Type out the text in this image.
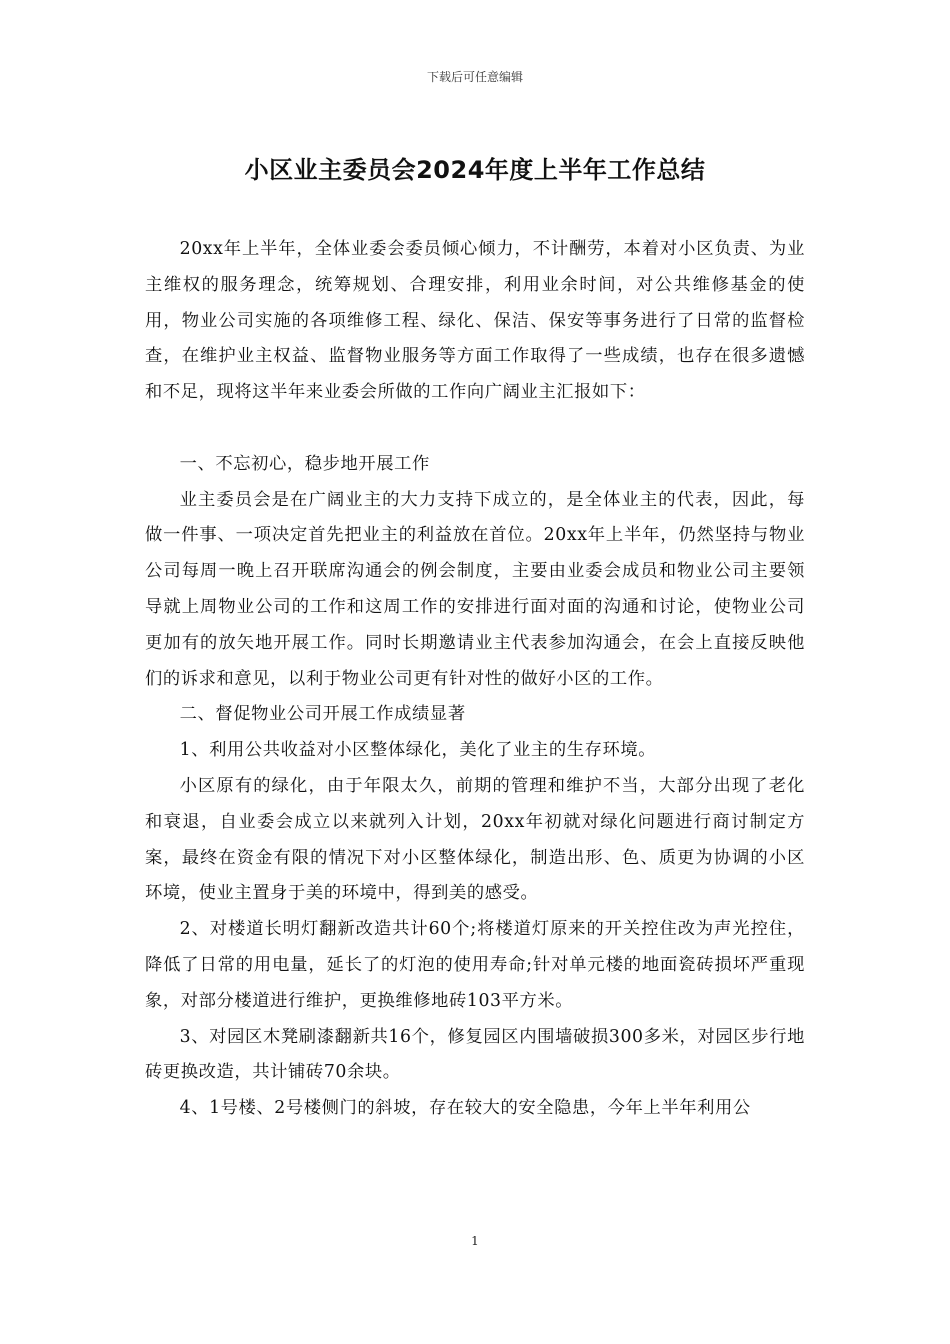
下载后可任意编辑
小区业主委员会2024年度上半年工作总结

20xx年上半年，全体业委会委员倾心倾力，不计酬劳，本着对小区负责、为业主维权的服务理念，统筹规划、合理安排，利用业余时间，对公共维修基金的使用，物业公司实施的各项维修工程、绿化、保洁、保安等事务进行了日常的监督检查，在维护业主权益、监督物业服务等方面工作取得了一些成绩，也存在很多遗憾和不足，现将这半年来业委会所做的工作向广阔业主汇报如下：

一、不忘初心，稳步地开展工作

业主委员会是在广阔业主的大力支持下成立的，是全体业主的代表，因此，每做一件事、一项决定首先把业主的利益放在首位。20xx年上半年，仍然坚持与物业公司每周一晚上召开联席沟通会的例会制度，主要由业委会成员和物业公司主要领导就上周物业公司的工作和这周工作的安排进行面对面的沟通和讨论，使物业公司更加有的放矢地开展工作。同时长期邀请业主代表参加沟通会，在会上直接反映他们的诉求和意见，以利于物业公司更有针对性的做好小区的工作。

二、督促物业公司开展工作成绩显著

1、利用公共收益对小区整体绿化，美化了业主的生存环境。

小区原有的绿化，由于年限太久，前期的管理和维护不当，大部分出现了老化和衰退，自业委会成立以来就列入计划，20xx年初就对绿化问题进行商讨制定方案，最终在资金有限的情况下对小区整体绿化，制造出形、色、质更为协调的小区环境，使业主置身于美的环境中，得到美的感受。

2、对楼道长明灯翻新改造共计60个;将楼道灯原来的开关控住改为声光控住，降低了日常的用电量，延长了的灯泡的使用寿命;针对单元楼的地面瓷砖损坏严重现象，对部分楼道进行维护，更换维修地砖103平方米。

3、对园区木凳刷漆翻新共16个，修复园区内围墙破损300多米，对园区步行地砖更换改造，共计铺砖70余块。

4、1号楼、2号楼侧门的斜坡，存在较大的安全隐患，今年上半年利用公

1
